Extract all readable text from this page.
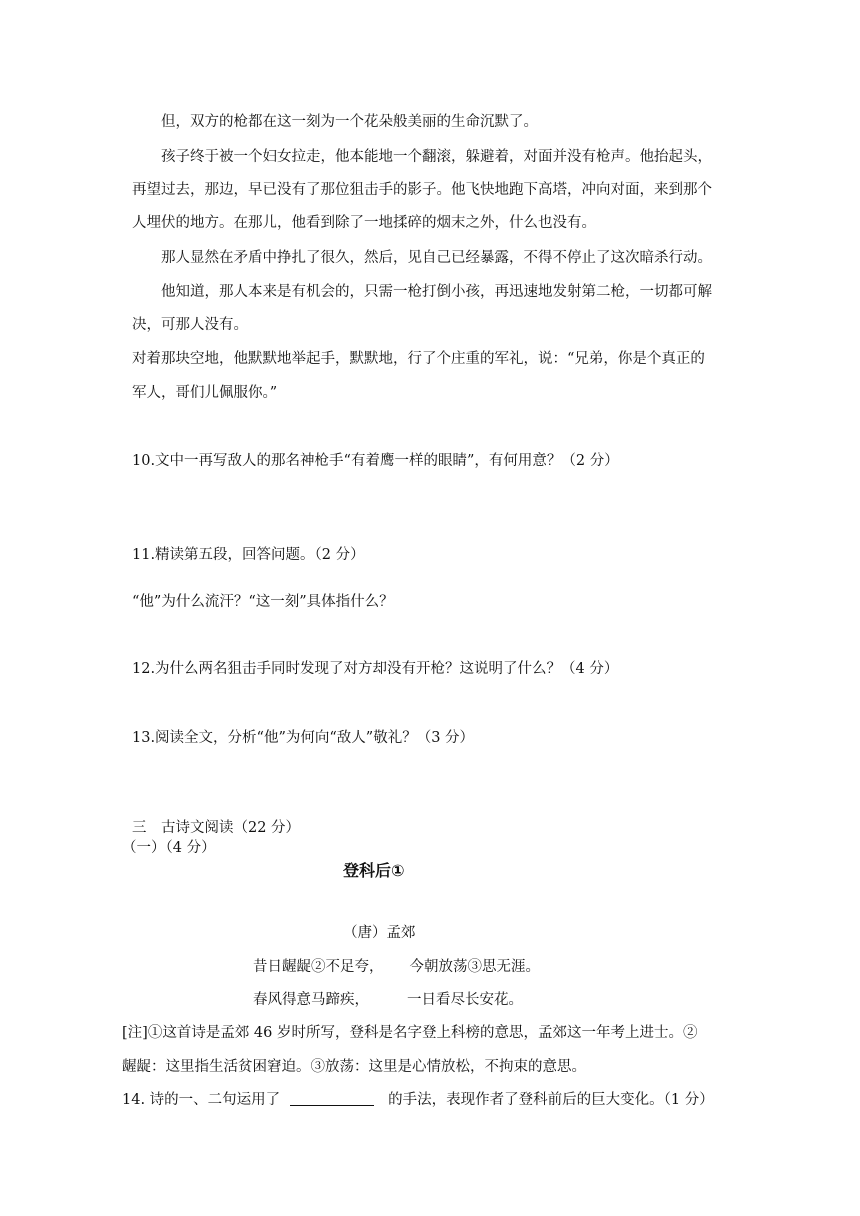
但，双方的枪都在这一刻为一个花朵般美丽的生命沉默了。
孩子终于被一个妇女拉走，他本能地一个翻滚，躲避着，对面并没有枪声。他抬起头，
再望过去，那边，早已没有了那位狙击手的影子。他飞快地跑下高塔，冲向对面，来到那个
人埋伏的地方。在那儿，他看到除了一地揉碎的烟末之外，什么也没有。
那人显然在矛盾中挣扎了很久，然后，见自己已经暴露，不得不停止了这次暗杀行动。
他知道，那人本来是有机会的，只需一枪打倒小孩，再迅速地发射第二枪，一切都可解
决，可那人没有。
对着那块空地，他默默地举起手，默默地，行了个庄重的军礼，说：“兄弟，你是个真正的
军人，哥们儿佩服你。”
10.文中一再写敌人的那名神枪手“有着鹰一样的眼睛”，有何用意？（2 分）
11.精读第五段，回答问题。（2 分）
“他”为什么流汗？“这一刻”具体指什么？
12.为什么两名狙击手同时发现了对方却没有开枪？这说明了什么？（4 分）
13.阅读全文，分析“他”为何向“敌人”敬礼？（3 分）
三　古诗文阅读（22 分）
（一）（4 分）
登科后①
（唐）孟郊
昔日龌龊②不足夸， 今朝放荡③思无涯。
春风得意马蹄疾，	一日看尽长安花。
[注]①这首诗是孟郊 46 岁时所写，登科是名字登上科榜的意思，孟郊这一年考上进士。②
龌龊：这里指生活贫困窘迫。③放荡：这里是心情放松，不拘束的意思。
14. 诗的一、二句运用了	的手法，表现作者了登科前后的巨大变化。（1 分）
